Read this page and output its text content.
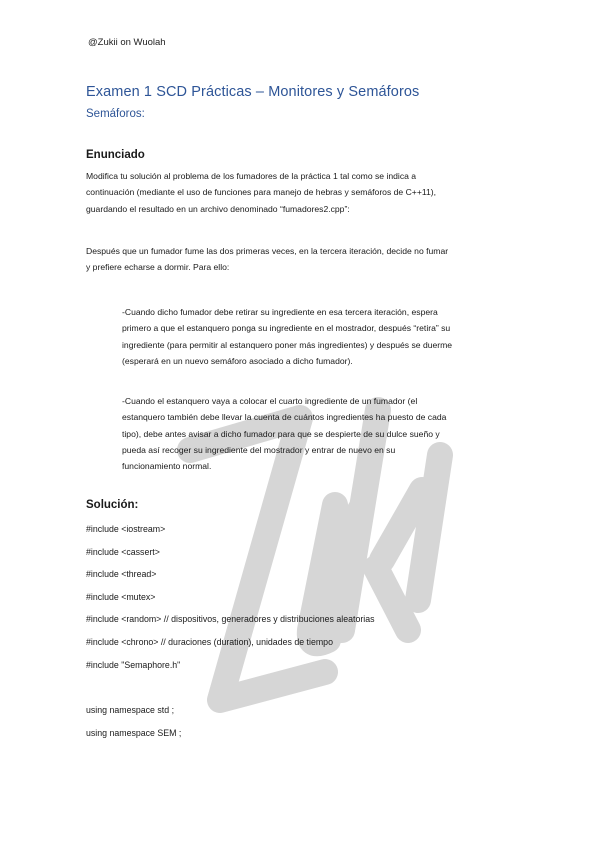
@Zukii on Wuolah
Examen 1 SCD Prácticas – Monitores y Semáforos
Semáforos:
Enunciado
Modifica tu solución al problema de los fumadores de la práctica 1 tal como se indica a
continuación (mediante el uso de funciones para manejo de hebras y semáforos de C++11),
guardando el resultado en un archivo denominado “fumadores2.cpp”:
Después que un fumador fume las dos primeras veces, en la tercera iteración, decide no fumar
y prefiere echarse a dormir. Para ello:
-Cuando dicho fumador debe retirar su ingrediente en esa tercera iteración, espera
primero a que el estanquero ponga su ingrediente en el mostrador, después “retira” su
ingrediente (para permitir al estanquero poner más ingredientes) y después se duerme
(esperará en un nuevo semáforo asociado a dicho fumador).
-Cuando el estanquero vaya a colocar el cuarto ingrediente de un fumador (el
estanquero también debe llevar la cuenta de cuántos ingredientes ha puesto de cada
tipo), debe antes avisar a dicho fumador para que se despierte de su dulce sueño y
pueda así recoger su ingrediente del mostrador y entrar de nuevo en su
funcionamiento normal.
Solución:
#include <iostream>
#include <cassert>
#include <thread>
#include <mutex>
#include <random> // dispositivos, generadores y distribuciones aleatorias
#include <chrono> // duraciones (duration), unidades de tiempo
#include "Semaphore.h"
using namespace std ;
using namespace SEM ;
